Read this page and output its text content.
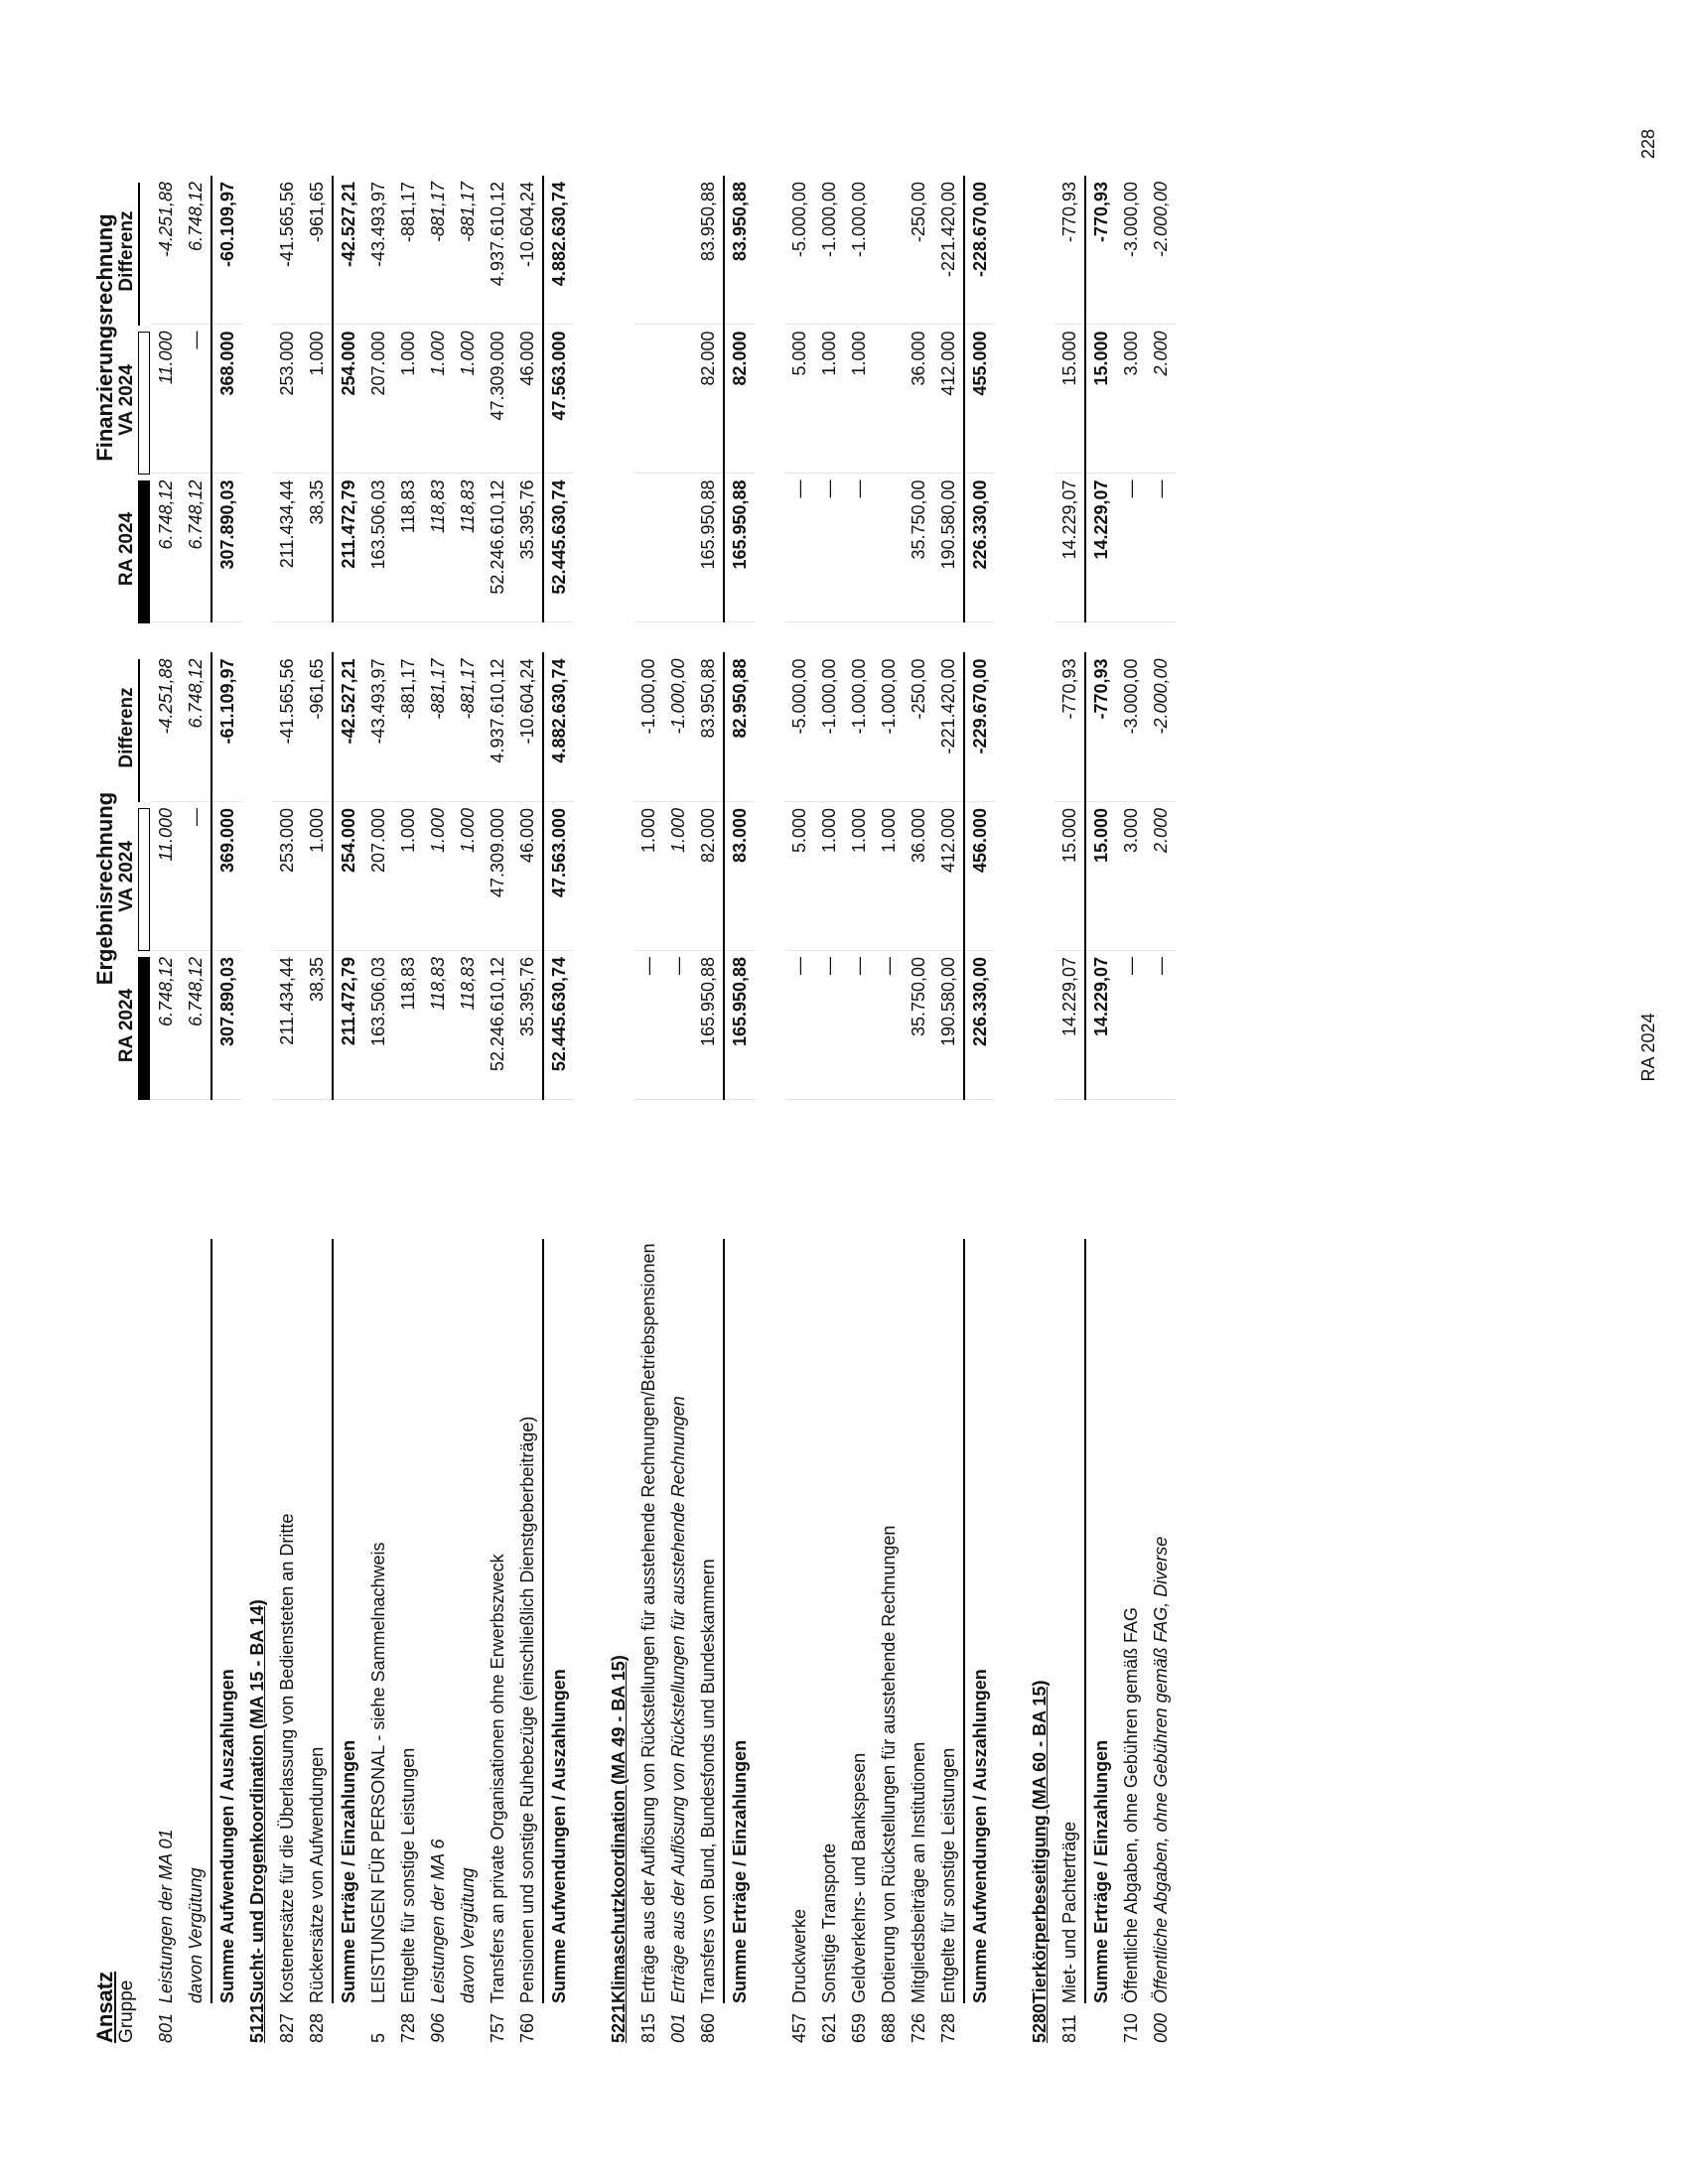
Ansatz Gruppe
Ergebnisrechnung
Finanzierungsrechnung
RA 2024
VA 2024
Differenz
RA 2024
VA 2024
Differenz
801	Leistungen der MA 01		6.748,12	11.000	-4.251,88		6.748,12	11.000	-4.251,88
	davon Vergütung		6.748,12	—	6.748,12		6.748,12	—	6.748,12
	Summe Aufwendungen / Auszahlungen		307.890,03	369.000	-61.109,97		307.890,03	368.000	-60.109,97
5121	Sucht- und Drogenkoordination (MA 15 - BA 14)								
827	Kostenersätze für die Überlassung von Bediensteten an Dritte		211.434,44	253.000	-41.565,56		211.434,44	253.000	-41.565,56
828	Rückersätze von Aufwendungen		38,35	1.000	-961,65		38,35	1.000	-961,65
	Summe Erträge / Einzahlungen		211.472,79	254.000	-42.527,21		211.472,79	254.000	-42.527,21
5	LEISTUNGEN FÜR PERSONAL - siehe Sammelnachweis		163.506,03	207.000	-43.493,97		163.506,03	207.000	-43.493,97
728	Entgelte für sonstige Leistungen		118,83	1.000	-881,17		118,83	1.000	-881,17
906	Leistungen der MA 6		118,83	1.000	-881,17		118,83	1.000	-881,17
	davon Vergütung		118,83	1.000	-881,17		118,83	1.000	-881,17
757	Transfers an private Organisationen ohne Erwerbszweck		52.246.610,12	47.309.000	4.937.610,12		52.246.610,12	47.309.000	4.937.610,12
760	Pensionen und sonstige Ruhebezüge (einschließlich Dienstgeberbeiträge)		35.395,76	46.000	-10.604,24		35.395,76	46.000	-10.604,24
	Summe Aufwendungen / Auszahlungen		52.445.630,74	47.563.000	4.882.630,74		52.445.630,74	47.563.000	4.882.630,74

5221	Klimaschutzkoordination (MA 49 - BA 15)								
815	Erträge aus der Auflösung von Rückstellungen für ausstehende Rechnungen/Betriebspensionen		—	1.000	-1.000,00				
001	Erträge aus der Auflösung von Rückstellungen für ausstehende Rechnungen		—	1.000	-1.000,00				
860	Transfers von Bund, Bundesfonds und Bundeskammern		165.950,88	82.000	83.950,88		165.950,88	82.000	83.950,88
	Summe Erträge / Einzahlungen		165.950,88	83.000	82.950,88		165.950,88	82.000	83.950,88

457	Druckwerke		—	5.000	-5.000,00		—	5.000	-5.000,00
621	Sonstige Transporte		—	1.000	-1.000,00		—	1.000	-1.000,00
659	Geldverkehrs- und Bankspesen		—	1.000	-1.000,00		—	1.000	-1.000,00
688	Dotierung von Rückstellungen für ausstehende Rechnungen		—	1.000	-1.000,00				
726	Mitgliedsbeiträge an Institutionen		35.750,00	36.000	-250,00		35.750,00	36.000	-250,00
728	Entgelte für sonstige Leistungen		190.580,00	412.000	-221.420,00		190.580,00	412.000	-221.420,00
	Summe Aufwendungen / Auszahlungen		226.330,00	456.000	-229.670,00		226.330,00	455.000	-228.670,00

5280	Tierkörperbeseitigung (MA 60 - BA 15)								
811	Miet- und Pachterträge		14.229,07	15.000	-770,93		14.229,07	15.000	-770,93
	Summe Erträge / Einzahlungen		14.229,07	15.000	-770,93		14.229,07	15.000	-770,93
710	Öffentliche Abgaben, ohne Gebühren gemäß FAG		—	3.000	-3.000,00		—	3.000	-3.000,00
000	Öffentliche Abgaben, ohne Gebühren gemäß FAG, Diverse		—	2.000	-2.000,00		—	2.000	-2.000,00
RA 2024
228
